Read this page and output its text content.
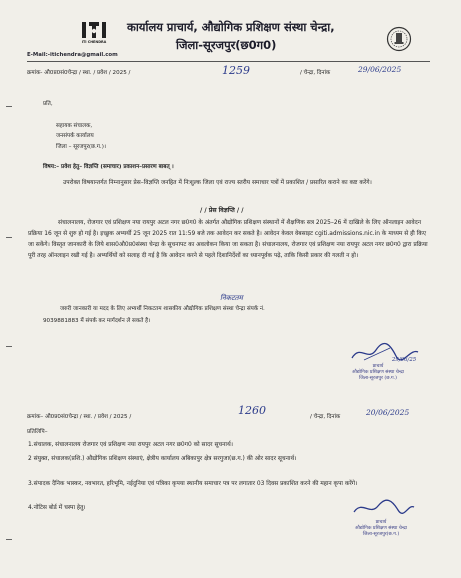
ITI CHENDRA
कार्यालय प्राचार्य, औद्योगिक प्रशिक्षण संस्था चेन्द्रा,
जिला-सूरजपुर(छ0ग0)
E-Mail:-itichendra@gmail.com
क्रमांक- औ0प्र0सं0चेन्द्रा / स्था. / प्रवेश / 2025 /	1259	/ चेन्द्रा, दिनांक	29/06/2025
प्रति,
सहायक संचालक,
जनसंपर्क कार्यालय
जिला – सूरजपुर(छ.ग.)।
विषय:– प्रवेश हेतु– विज्ञप्ति (समाचार) प्रकाशन–प्रसारण बाबत् ।
उपरोक्त विषयान्तर्गत निम्नानुसार प्रेस–विज्ञप्ति जनहित में निःशुल्क जिला एवं राज्य स्तरीय समाचार पत्रों में प्रकाशित / प्रसारित कराने का कष्ट करेंगे।
/ / प्रेस विज्ञप्ति / /
संचालनालय, रोजगार एवं प्रशिक्षण नया रायपुर अटल नगर छ0ग0 के अंतर्गत औद्योगिक प्रशिक्षण संस्थानों में शैक्षणिक सत्र 2025–26 में दाखिले के लिए ऑनलाइन आवेदन प्रक्रिया 16 जून से शुरु हो गई है। इच्छुक अभ्यर्थी 25 जून 2025 रात 11:59 बजे तक आवेदन कर सकते है। आवेदन केवल वेबसाइट cgiti.admissions.nic.in के माध्यम से ही किए जा सकेंगे। विस्तृत जानकारी के लिये शास0औ0प्र0संस्था चेन्द्रा के सूचनापट का अवलोकन किया जा सकता है। संचालनालय, रोजगार एवं प्रशिक्षण नया रायपुर अटल नगर छ0ग0 द्वारा प्रक्रिया पूरी तरह ऑनलाइन रखी गई है। अभ्यर्थियों को सलाह दी गई है कि आवेदन करने से पहले दिशानिर्देशों का ध्यानपूर्वक पढ़े, ताकि किसी प्रकार की गलती न हो।
निकटतम
जरुरी जानकारी या मदद के लिए अभ्यर्थी निकटतम शासकीय औद्योगिक प्रशिक्षण संस्था चेन्द्रा संपर्क नं.
9039881883 में संपर्क कर मार्गदर्शन ले सकते है।
29/06/25
प्राचार्य
औद्योगिक प्रशिक्षण संस्था चेन्द्रा
जिला-सूरजपुर (छ.ग.)
क्रमांक– औ0प्र0सं0चेन्द्रा / स्था. / प्रवेश / 2025 /	1260	/ चेन्द्रा, दिनांक	20/06/2025
प्रतिलिपि–
1.संचालक, संचालनालय रोजगार एवं प्रशिक्षण नया रायपुर अटल नगर छ0ग0 को सादर सूचनार्थ।
2 संयुक्त, संचालक(प्रशि.) औद्योगिक प्रशिक्षण संस्थाएं, क्षेत्रीय कार्यालय अबिकापुर क्षेत्र सरगुजा(छ.ग.) की ओर सादर सूचनार्थ।
3.संपादक दैनिक भास्कर, नवभारत, हरिभूमि, नईदुनिया एवं पत्रिका कृपया स्थानीय समाचार पत्र पर लगातार 03 दिवस प्रकाशित करने की महान कृपा करेंगे।
4.नोटिस बोर्ड में चस्पा हेतु।
प्राचार्य
औद्योगिक प्रशिक्षण संस्था चेन्द्रा
जिला-सूरजपुर(छ.ग.)
